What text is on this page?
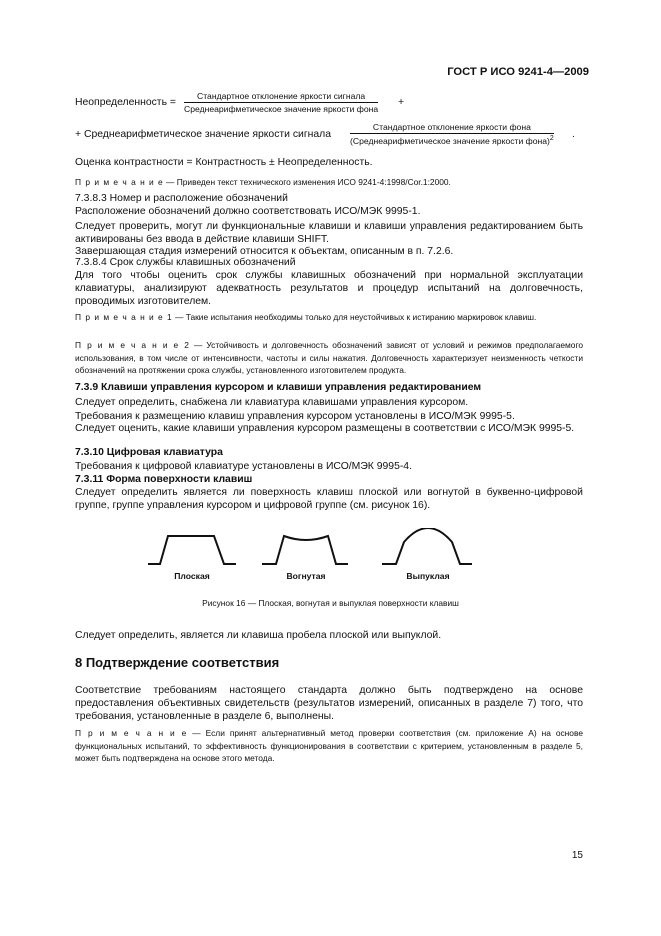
ГОСТ Р ИСО 9241-4—2009
Неопределенность =
Стандартное отклонение яркости сигнала
Среднеарифметическое значение яркости фона
+
+ Среднеарифметическое значение яркости сигнала
Стандартное отклонение яркости фона
(Среднеарифметическое значение яркости фона)$^2$ .
Оценка контрастности = Контрастность ± Неопределенность.
П р и м е ч а н и е — Приведен текст технического изменения ИСО 9241-4:1998/Cor.1:2000.
7.3.8.3 Номер и расположение обозначений
Расположение обозначений должно соответствовать ИСО/МЭК 9995-1.
Следует проверить, могут ли функциональные клавиши и клавиши управления редактированием быть активированы без ввода в действие клавиши SHIFT.
Завершающая стадия измерений относится к объектам, описанным в п. 7.2.6.
7.3.8.4 Срок службы клавишных обозначений
Для того чтобы оценить срок службы клавишных обозначений при нормальной эксплуатации клавиатуры, анализируют адекватность результатов и процедур испытаний на долговечность, проводимых изготовителем.
П р и м е ч а н и е 1 — Такие испытания необходимы только для неустойчивых к истиранию маркировок клавиш.
П р и м е ч а н и е 2 — Устойчивость и долговечность обозначений зависят от условий и режимов предполагаемого использования, в том числе от интенсивности, частоты и силы нажатия. Долговечность характеризует неизменность четкости обозначений на протяжении срока службы, установленного изготовителем продукта.
7.3.9 Клавиши управления курсором и клавиши управления редактированием
Следует определить, снабжена ли клавиатура клавишами управления курсором.
Требования к размещению клавиш управления курсором установлены в ИСО/МЭК 9995-5.
Следует оценить, какие клавиши управления курсором размещены в соответствии с ИСО/МЭК 9995-5.
7.3.10 Цифровая клавиатура
Требования к цифровой клавиатуре установлены в ИСО/МЭК 9995-4.
7.3.11 Форма поверхности клавиш
Следует определить является ли поверхность клавиш плоской или вогнутой в буквенно-цифровой группе, группе управления курсором и цифровой группе (см. рисунок 16).
Плоская	Вогнутая	Выпуклая
Рисунок 16 — Плоская, вогнутая и выпуклая поверхности клавиш
Следует определить, является ли клавиша пробела плоской или выпуклой.
8 Подтверждение соответствия
Соответствие требованиям настоящего стандарта должно быть подтверждено на основе предоставления объективных свидетельств (результатов измерений, описанных в разделе 7) того, что требования, установленные в разделе 6, выполнены.
П р и м е ч а н и е — Если принят альтернативный метод проверки соответствия (см. приложение А) на основе функциональных испытаний, то эффективность функционирования в соответствии с критерием, установленным в разделе 5, может быть подтверждена на основе этого метода.
15
